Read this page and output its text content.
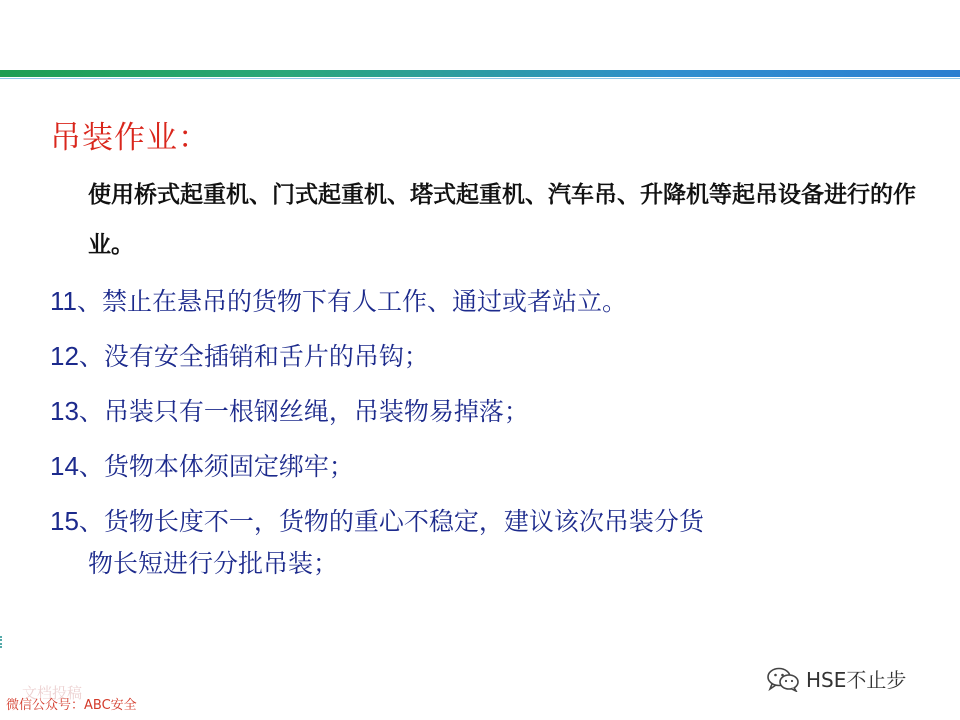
吊装作业：
使用桥式起重机、门式起重机、塔式起重机、汽车吊、升降机等起吊设备进行的作业。
11、禁止在悬吊的货物下有人工作、通过或者站立。
12、没有安全插销和舌片的吊钩；
13、吊装只有一根钢丝绳，吊装物易掉落；
14、货物本体须固定绑牢；
15、货物长度不一，货物的重心不稳定，建议该次吊装分货
物长短进行分批吊装；
文档投稿
微信公众号：ABC安全
HSE不止步
